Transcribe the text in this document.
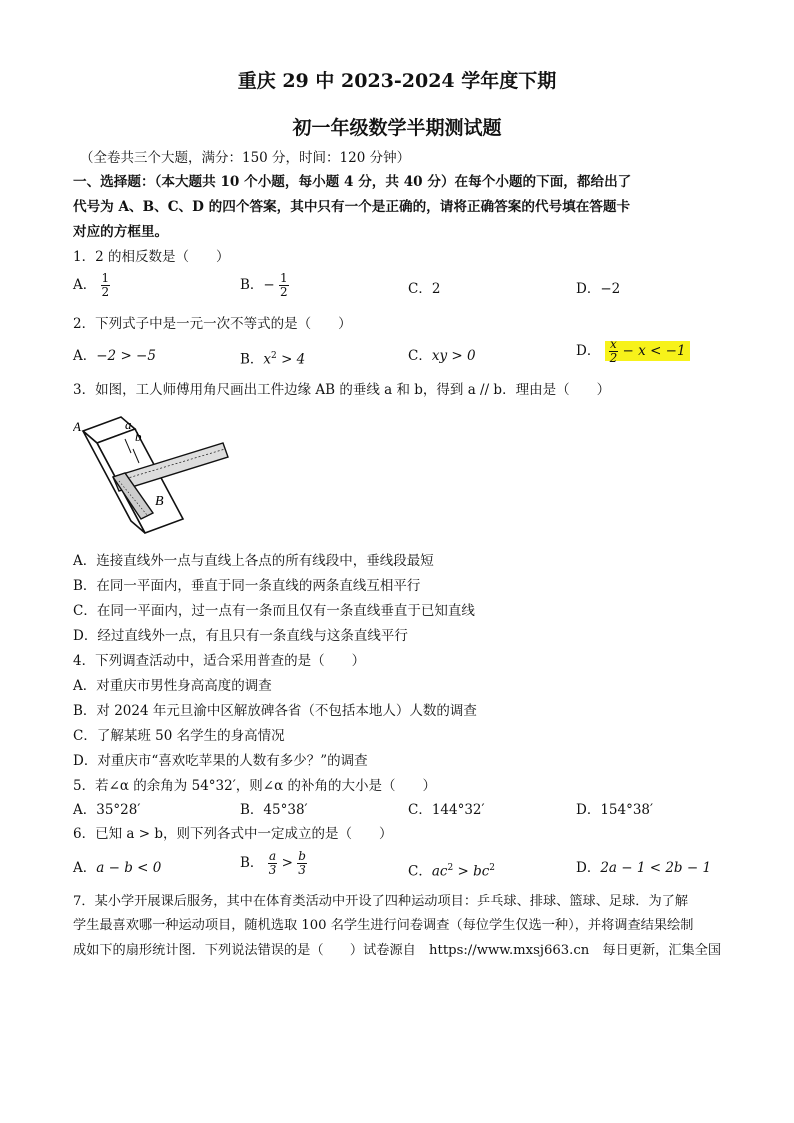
重庆 29 中 2023-2024 学年度下期
初一年级数学半期测试题
（全卷共三个大题，满分：150 分，时间：120 分钟）
一、选择题：（本大题共 10 个小题，每小题 4 分，共 40 分）在每个小题的下面，都给出了
代号为 A、B、C、D 的四个答案，其中只有一个是正确的，请将正确答案的代号填在答题卡
对应的方框里。
1．2 的相反数是（　　）
A． $\frac{1}{2}$	B．− $\frac{1}{2}$	C．2	D．−2
2．下列式子中是一元一次不等式的是（　　）
A．−2 > −5	B．$x^2 > 4$	C．xy > 0	D． $\frac{x}{2} - x < -1$
3．如图，工人师傅用角尺画出工件边缘 AB 的垂线 a 和 b，得到 a // b．理由是（　　）
A	a
b
B
A．连接直线外一点与直线上各点的所有线段中，垂线段最短
B．在同一平面内，垂直于同一条直线的两条直线互相平行
C．在同一平面内，过一点有一条而且仅有一条直线垂直于已知直线
D．经过直线外一点，有且只有一条直线与这条直线平行
4．下列调查活动中，适合采用普查的是（　　）
A．对重庆市男性身高高度的调查
B．对 2024 年元旦渝中区解放碑各省（不包括本地人）人数的调查
C．了解某班 50 名学生的身高情况
D．对重庆市“喜欢吃苹果的人数有多少？”的调查
5．若∠α 的余角为 54°32′，则∠α 的补角的大小是（　　）
A．35°28′	B．45°38′	C．144°32′	D．154°38′
6．已知 a > b，则下列各式中一定成立的是（　　）
A．a − b < 0	B． $\frac{a}{3} > \frac{b}{3}$	C．$ac^2 > bc^2$	D．2a − 1 < 2b − 1
7．某小学开展课后服务，其中在体育类活动中开设了四种运动项目：乒乓球、排球、篮球、足球．为了解
学生最喜欢哪一种运动项目，随机选取 100 名学生进行问卷调查（每位学生仅选一种），并将调查结果绘制
成如下的扇形统计图．下列说法错误的是（　　）试卷源自　https://www.mxsj663.cn　每日更新，汇集全国
